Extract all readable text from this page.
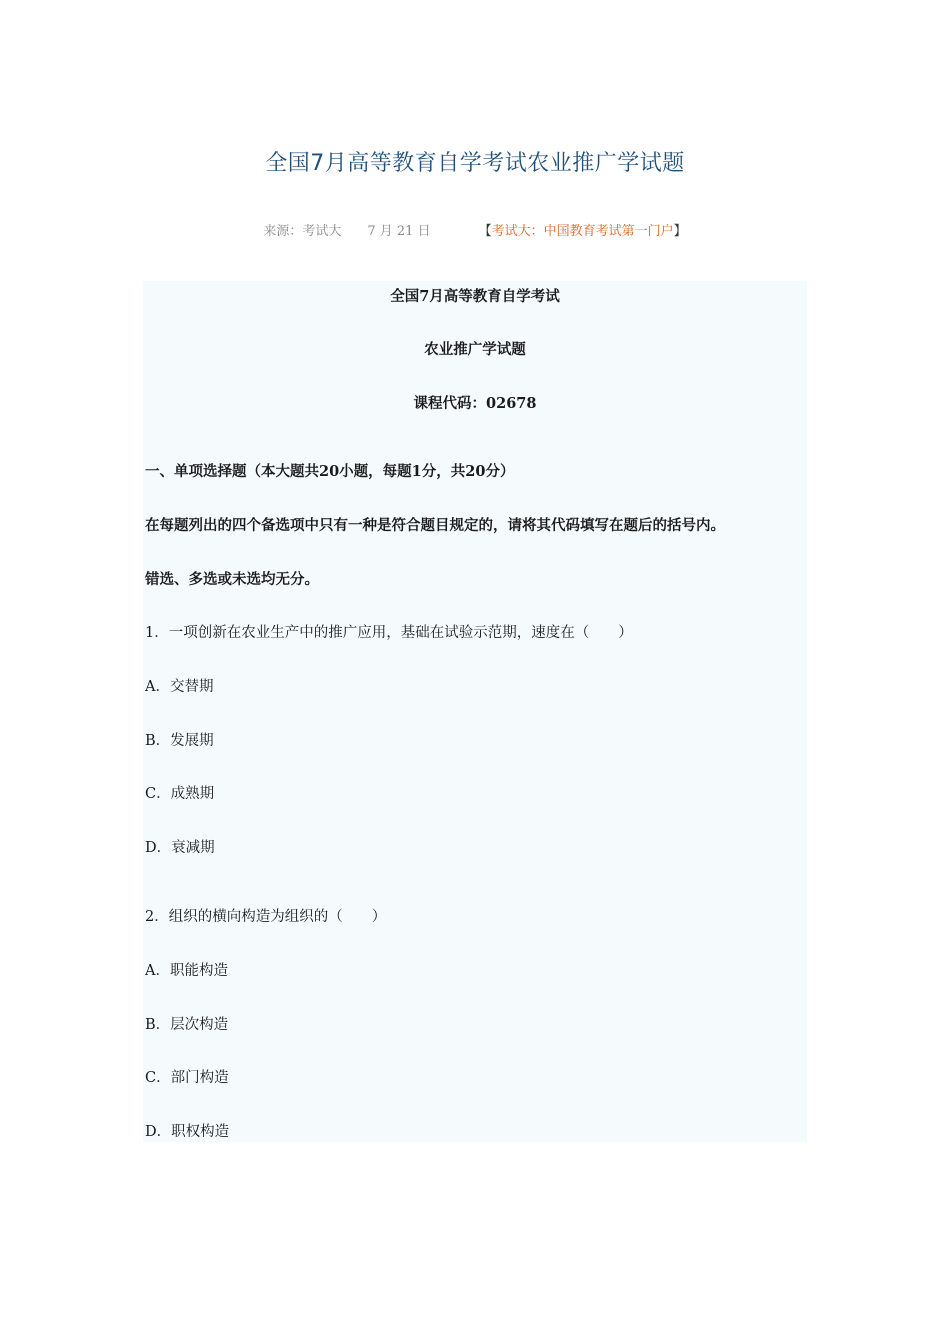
全国7月高等教育自学考试农业推广学试题
来源：考试大 7 月 21 日	【考试大：中国教育考试第一门户】
全国7月高等教育自学考试
农业推广学试题
课程代码：02678
一、单项选择题（本大题共20小题，每题1分，共20分）
在每题列出的四个备选项中只有一种是符合题目规定的，请将其代码填写在题后的括号内。
错选、多选或未选均无分。
1．一项创新在农业生产中的推广应用，基础在试验示范期，速度在（　　）
A．交替期
B．发展期
C．成熟期
D．衰减期
2．组织的横向构造为组织的（　　）
A．职能构造
B．层次构造
C．部门构造
D．职权构造
